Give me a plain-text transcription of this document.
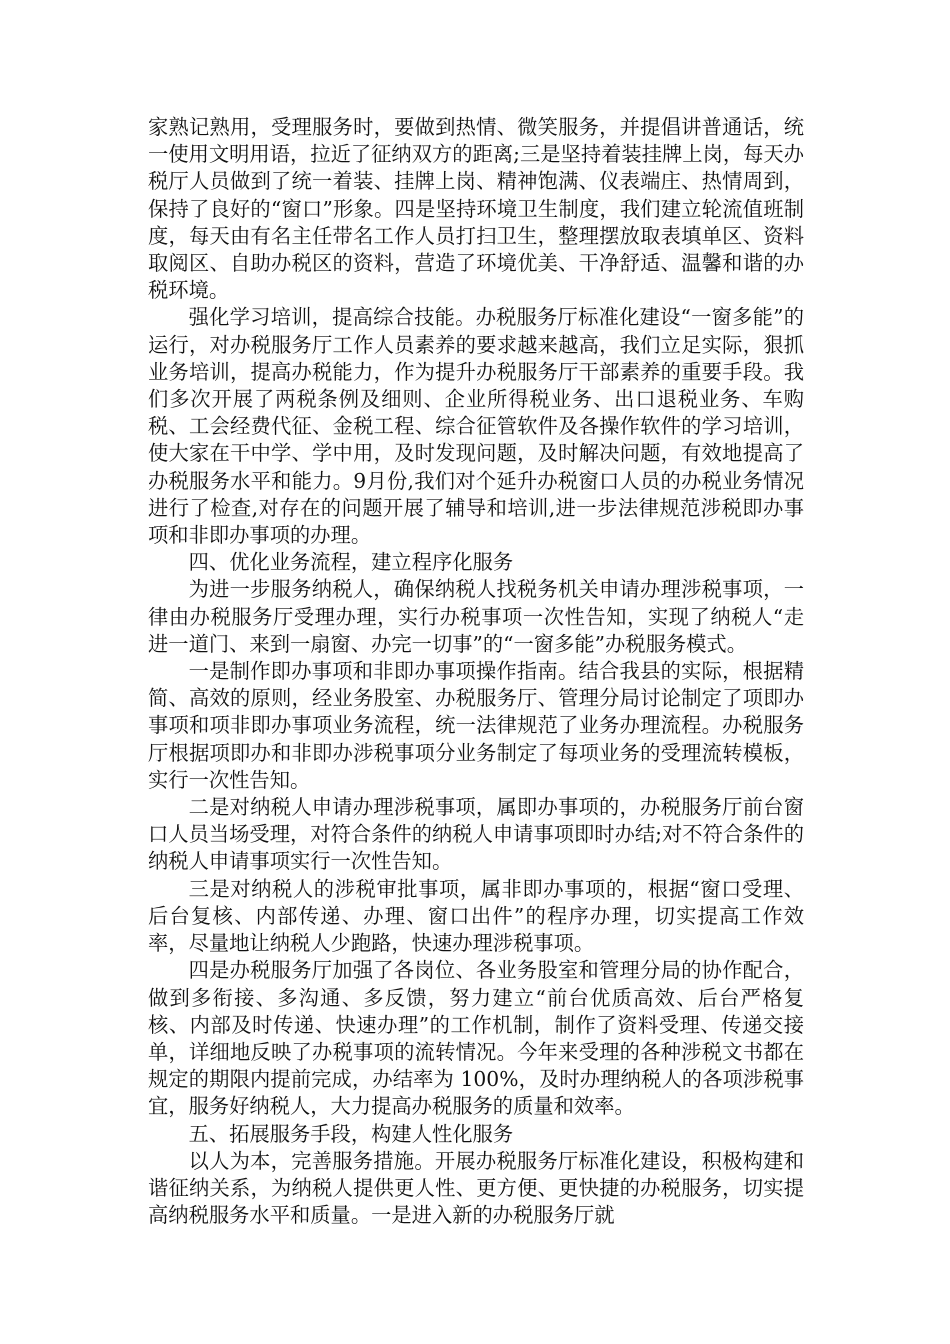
家熟记熟用，受理服务时，要做到热情、微笑服务，并提倡讲普通话，统一使用文明用语，拉近了征纳双方的距离;三是坚持着装挂牌上岗，每天办税厅人员做到了统一着装、挂牌上岗、精神饱满、仪表端庄、热情周到，保持了良好的“窗口”形象。四是坚持环境卫生制度，我们建立轮流值班制度，每天由有名主任带名工作人员打扫卫生，整理摆放取表填单区、资料取阅区、自助办税区的资料，营造了环境优美、干净舒适、温馨和谐的办税环境。

强化学习培训，提高综合技能。办税服务厅标准化建设“一窗多能”的运行，对办税服务厅工作人员素养的要求越来越高，我们立足实际，狠抓业务培训，提高办税能力，作为提升办税服务厅干部素养的重要手段。我们多次开展了两税条例及细则、企业所得税业务、出口退税业务、车购税、工会经费代征、金税工程、综合征管软件及各操作软件的学习培训，使大家在干中学、学中用，及时发现问题，及时解决问题，有效地提高了办税服务水平和能力。9月份,我们对个延升办税窗口人员的办税业务情况进行了检查,对存在的问题开展了辅导和培训,进一步法律规范涉税即办事项和非即办事项的办理。

四、优化业务流程，建立程序化服务

为进一步服务纳税人，确保纳税人找税务机关申请办理涉税事项，一律由办税服务厅受理办理，实行办税事项一次性告知，实现了纳税人“走进一道门、来到一扇窗、办完一切事”的“一窗多能”办税服务模式。

一是制作即办事项和非即办事项操作指南。结合我县的实际，根据精简、高效的原则，经业务股室、办税服务厅、管理分局讨论制定了项即办事项和项非即办事项业务流程，统一法律规范了业务办理流程。办税服务厅根据项即办和非即办涉税事项分业务制定了每项业务的受理流转模板，实行一次性告知。

二是对纳税人申请办理涉税事项，属即办事项的，办税服务厅前台窗口人员当场受理，对符合条件的纳税人申请事项即时办结;对不符合条件的纳税人申请事项实行一次性告知。

三是对纳税人的涉税审批事项，属非即办事项的，根据“窗口受理、后台复核、内部传递、办理、窗口出件”的程序办理，切实提高工作效率，尽量地让纳税人少跑路，快速办理涉税事项。

四是办税服务厅加强了各岗位、各业务股室和管理分局的协作配合，做到多衔接、多沟通、多反馈，努力建立“前台优质高效、后台严格复核、内部及时传递、快速办理”的工作机制，制作了资料受理、传递交接单，详细地反映了办税事项的流转情况。今年来受理的各种涉税文书都在规定的期限内提前完成，办结率为 100%，及时办理纳税人的各项涉税事宜，服务好纳税人，大力提高办税服务的质量和效率。

五、拓展服务手段，构建人性化服务

以人为本，完善服务措施。开展办税服务厅标准化建设，积极构建和谐征纳关系，为纳税人提供更人性、更方便、更快捷的办税服务，切实提高纳税服务水平和质量。一是进入新的办税服务厅就
